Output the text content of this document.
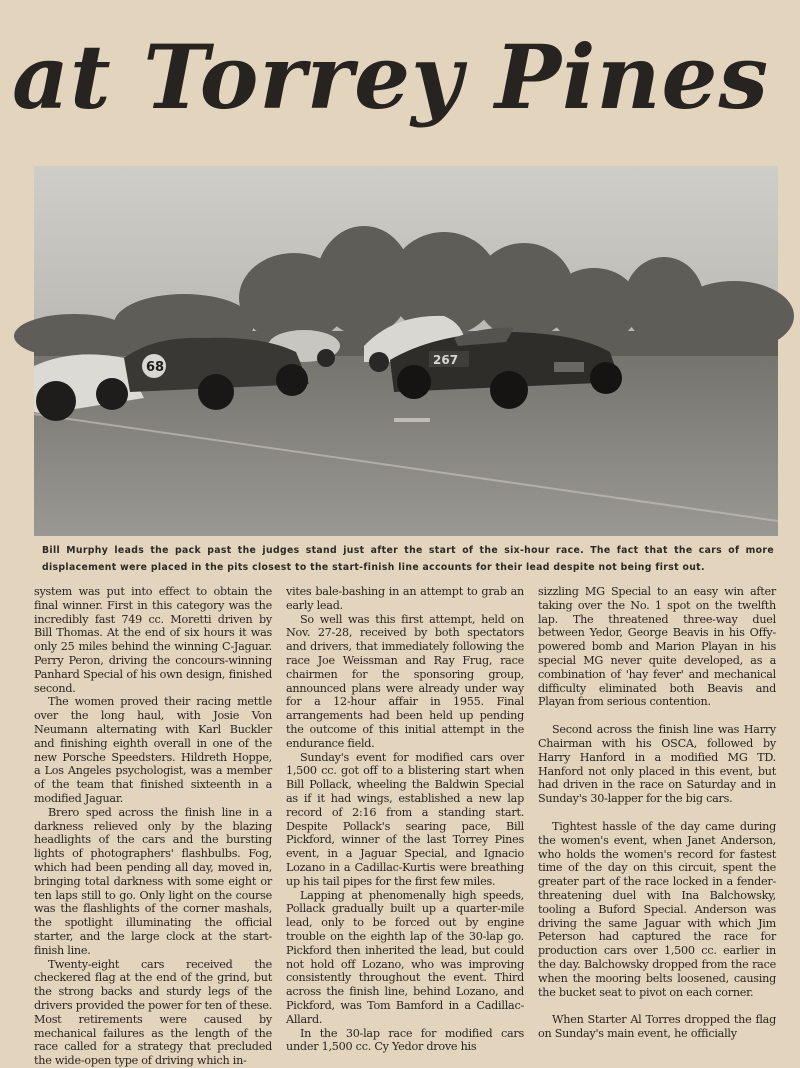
at Torrey Pines
68	267
Bill Murphy leads the pack past the judges stand just after the start of the six-hour race. The fact that the cars of more displacement were placed in the pits closest to the start-finish line accounts for their lead despite not being first out.

system was put into effect to obtain the final winner. First in this category was the incredibly fast 749 cc. Moretti driven by Bill Thomas. At the end of six hours it was only 25 miles behind the winning C-Jaguar. Perry Peron, driving the concours-winning Panhard Special of his own design, finished second.

The women proved their racing mettle over the long haul, with Josie Von Neumann alternating with Karl Buckler and finishing eighth overall in one of the new Porsche Speedsters. Hildreth Hoppe, a Los Angeles psychologist, was a member of the team that finished sixteenth in a modified Jaguar.

Brero sped across the finish line in a darkness relieved only by the blazing headlights of the cars and the bursting lights of photographers' flashbulbs. Fog, which had been pending all day, moved in, bringing total darkness with some eight or ten laps still to go. Only light on the course was the flashlights of the corner mashals, the spotlight illuminating the official starter, and the large clock at the start-finish line.

Twenty-eight cars received the checkered flag at the end of the grind, but the strong backs and sturdy legs of the drivers provided the power for ten of these. Most retirements were caused by mechanical failures as the length of the race called for a strategy that precluded the wide-open type of driving which in-

vites bale-bashing in an attempt to grab an early lead.

So well was this first attempt, held on Nov. 27-28, received by both spectators and drivers, that immediately following the race Joe Weissman and Ray Frug, race chairmen for the sponsoring group, announced plans were already under way for a 12-hour affair in 1955. Final arrangements had been held up pending the outcome of this initial attempt in the endurance field.

Sunday's event for modified cars over 1,500 cc. got off to a blistering start when Bill Pollack, wheeling the Baldwin Special as if it had wings, established a new lap record of 2:16 from a standing start. Despite Pollack's searing pace, Bill Pickford, winner of the last Torrey Pines event, in a Jaguar Special, and Ignacio Lozano in a Cadillac-Kurtis were breathing up his tail pipes for the first few miles.

Lapping at phenomenally high speeds, Pollack gradually built up a quarter-mile lead, only to be forced out by engine trouble on the eighth lap of the 30-lap go. Pickford then inherited the lead, but could not hold off Lozano, who was improving consistently throughout the event. Third across the finish line, behind Lozano, and Pickford, was Tom Bamford in a Cadillac-Allard.

In the 30-lap race for modified cars under 1,500 cc. Cy Yedor drove his

sizzling MG Special to an easy win after taking over the No. 1 spot on the twelfth lap. The threatened three-way duel between Yedor, George Beavis in his Offy-powered bomb and Marion Playan in his special MG never quite developed, as a combination of 'hay fever' and mechanical difficulty eliminated both Beavis and Playan from serious contention.

Second across the finish line was Harry Chairman with his OSCA, followed by Harry Hanford in a modified MG TD. Hanford not only placed in this event, but had driven in the race on Saturday and in Sunday's 30-lapper for the big cars.

Tightest hassle of the day came during the women's event, when Janet Anderson, who holds the women's record for fastest time of the day on this circuit, spent the greater part of the race locked in a fender-threatening duel with Ina Balchowsky, tooling a Buford Special. Anderson was driving the same Jaguar with which Jim Peterson had captured the race for production cars over 1,500 cc. earlier in the day. Balchowsky dropped from the race when the mooring belts loosened, causing the bucket seat to pivot on each corner.

When Starter Al Torres dropped the flag on Sunday's main event, he officially
